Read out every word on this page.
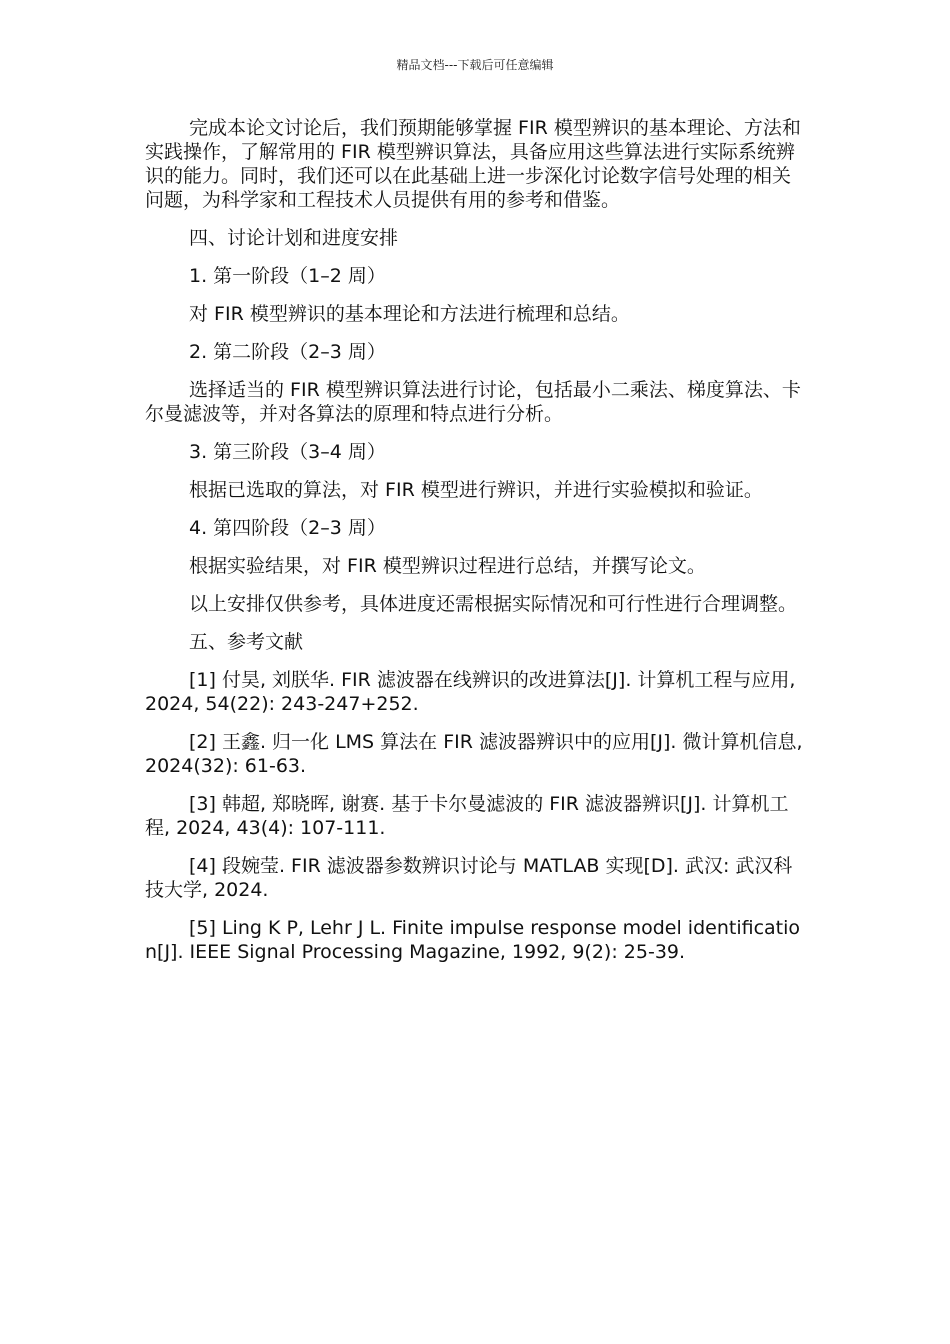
精品文档---下载后可任意编辑

完成本论文讨论后，我们预期能够掌握 FIR 模型辨识的基本理论、方法和实践操作，了解常用的 FIR 模型辨识算法，具备应用这些算法进行实际系统辨识的能力。同时，我们还可以在此基础上进一步深化讨论数字信号处理的相关问题，为科学家和工程技术人员提供有用的参考和借鉴。

四、讨论计划和进度安排

1. 第一阶段（1–2 周）

对 FIR 模型辨识的基本理论和方法进行梳理和总结。

2. 第二阶段（2–3 周）

选择适当的 FIR 模型辨识算法进行讨论，包括最小二乘法、梯度算法、卡尔曼滤波等，并对各算法的原理和特点进行分析。

3. 第三阶段（3–4 周）

根据已选取的算法，对 FIR 模型进行辨识，并进行实验模拟和验证。

4. 第四阶段（2–3 周）

根据实验结果，对 FIR 模型辨识过程进行总结，并撰写论文。

以上安排仅供参考，具体进度还需根据实际情况和可行性进行合理调整。

五、参考文献

[1] 付昊, 刘朕华. FIR 滤波器在线辨识的改进算法[J]. 计算机工程与应用, 2024, 54(22): 243-247+252.

[2] 王鑫. 归一化 LMS 算法在 FIR 滤波器辨识中的应用[J]. 微计算机信息, 2024(32): 61-63.

[3] 韩超, 郑晓晖, 谢赛. 基于卡尔曼滤波的 FIR 滤波器辨识[J]. 计算机工程, 2024, 43(4): 107-111.

[4] 段婉莹. FIR 滤波器参数辨识讨论与 MATLAB 实现[D]. 武汉: 武汉科技大学, 2024.

[5] Ling K P, Lehr J L. Finite impulse response model identification[J]. IEEE Signal Processing Magazine, 1992, 9(2): 25-39.
